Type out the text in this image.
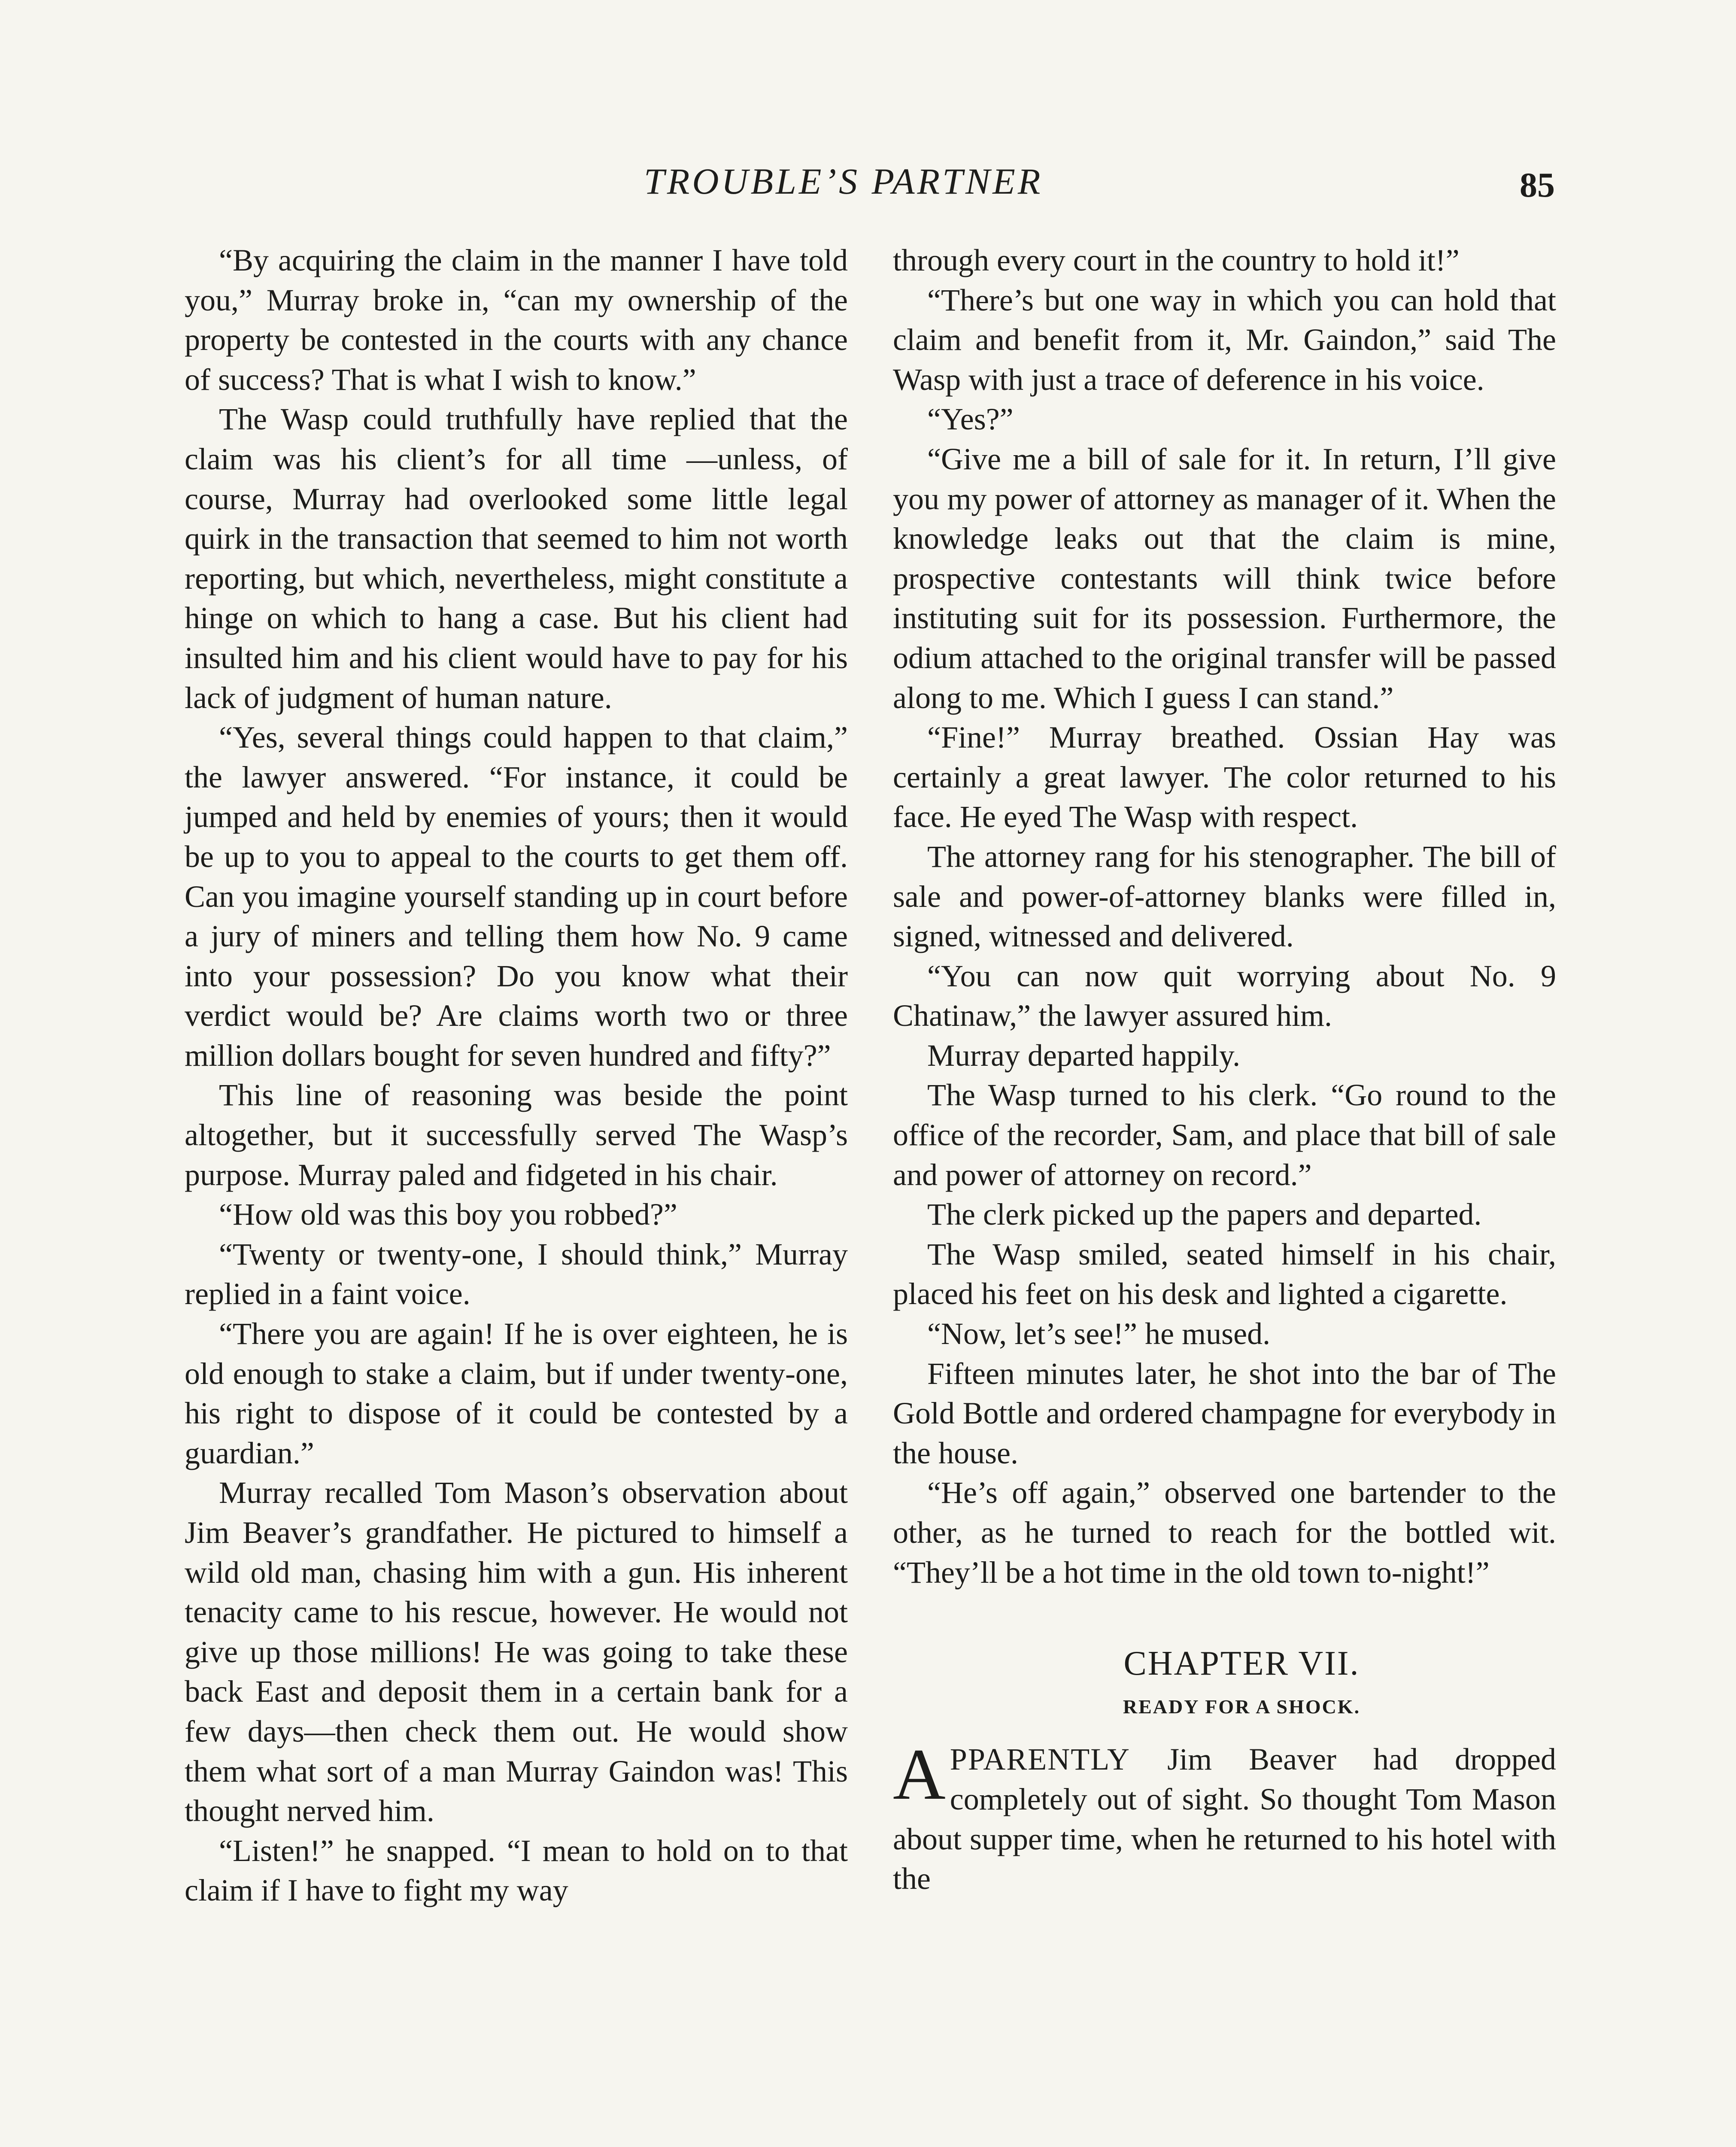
TROUBLE’S PARTNER	85

“By acquiring the claim in the manner I have told you,” Murray broke in, “can my ownership of the property be contested in the courts with any chance of success? That is what I wish to know.”

The Wasp could truthfully have replied that the claim was his client’s for all time —unless, of course, Murray had overlooked some little legal quirk in the transaction that seemed to him not worth reporting, but which, nevertheless, might constitute a hinge on which to hang a case. But his client had insulted him and his client would have to pay for his lack of judgment of human nature.

“Yes, several things could happen to that claim,” the lawyer answered. “For instance, it could be jumped and held by enemies of yours; then it would be up to you to appeal to the courts to get them off. Can you imagine yourself standing up in court before a jury of miners and telling them how No. 9 came into your possession? Do you know what their verdict would be? Are claims worth two or three million dollars bought for seven hundred and fifty?”

This line of reasoning was beside the point altogether, but it successfully served The Wasp’s purpose. Murray paled and fidgeted in his chair.

“How old was this boy you robbed?”

“Twenty or twenty-one, I should think,” Murray replied in a faint voice.

“There you are again! If he is over eighteen, he is old enough to stake a claim, but if under twenty-one, his right to dispose of it could be contested by a guardian.”

Murray recalled Tom Mason’s observation about Jim Beaver’s grandfather. He pictured to himself a wild old man, chasing him with a gun. His inherent tenacity came to his rescue, however. He would not give up those millions! He was going to take these back East and deposit them in a certain bank for a few days—then check them out. He would show them what sort of a man Murray Gaindon was! This thought nerved him.

“Listen!” he snapped. “I mean to hold on to that claim if I have to fight my way

through every court in the country to hold it!”

“There’s but one way in which you can hold that claim and benefit from it, Mr. Gaindon,” said The Wasp with just a trace of deference in his voice.

“Yes?”

“Give me a bill of sale for it. In return, I’ll give you my power of attorney as manager of it. When the knowledge leaks out that the claim is mine, prospective contestants will think twice before instituting suit for its possession. Furthermore, the odium attached to the original transfer will be passed along to me. Which I guess I can stand.”

“Fine!” Murray breathed. Ossian Hay was certainly a great lawyer. The color returned to his face. He eyed The Wasp with respect.

The attorney rang for his stenographer. The bill of sale and power-of-attorney blanks were filled in, signed, witnessed and delivered.

“You can now quit worrying about No. 9 Chatinaw,” the lawyer assured him.

Murray departed happily.

The Wasp turned to his clerk. “Go round to the office of the recorder, Sam, and place that bill of sale and power of attorney on record.”

The clerk picked up the papers and departed.

The Wasp smiled, seated himself in his chair, placed his feet on his desk and lighted a cigarette.

“Now, let’s see!” he mused.

Fifteen minutes later, he shot into the bar of The Gold Bottle and ordered champagne for everybody in the house.

“He’s off again,” observed one bartender to the other, as he turned to reach for the bottled wit. “They’ll be a hot time in the old town to-night!”

CHAPTER VII.

READY FOR A SHOCK.

APPARENTLY Jim Beaver had dropped completely out of sight. So thought Tom Mason about supper time, when he returned to his hotel with the
